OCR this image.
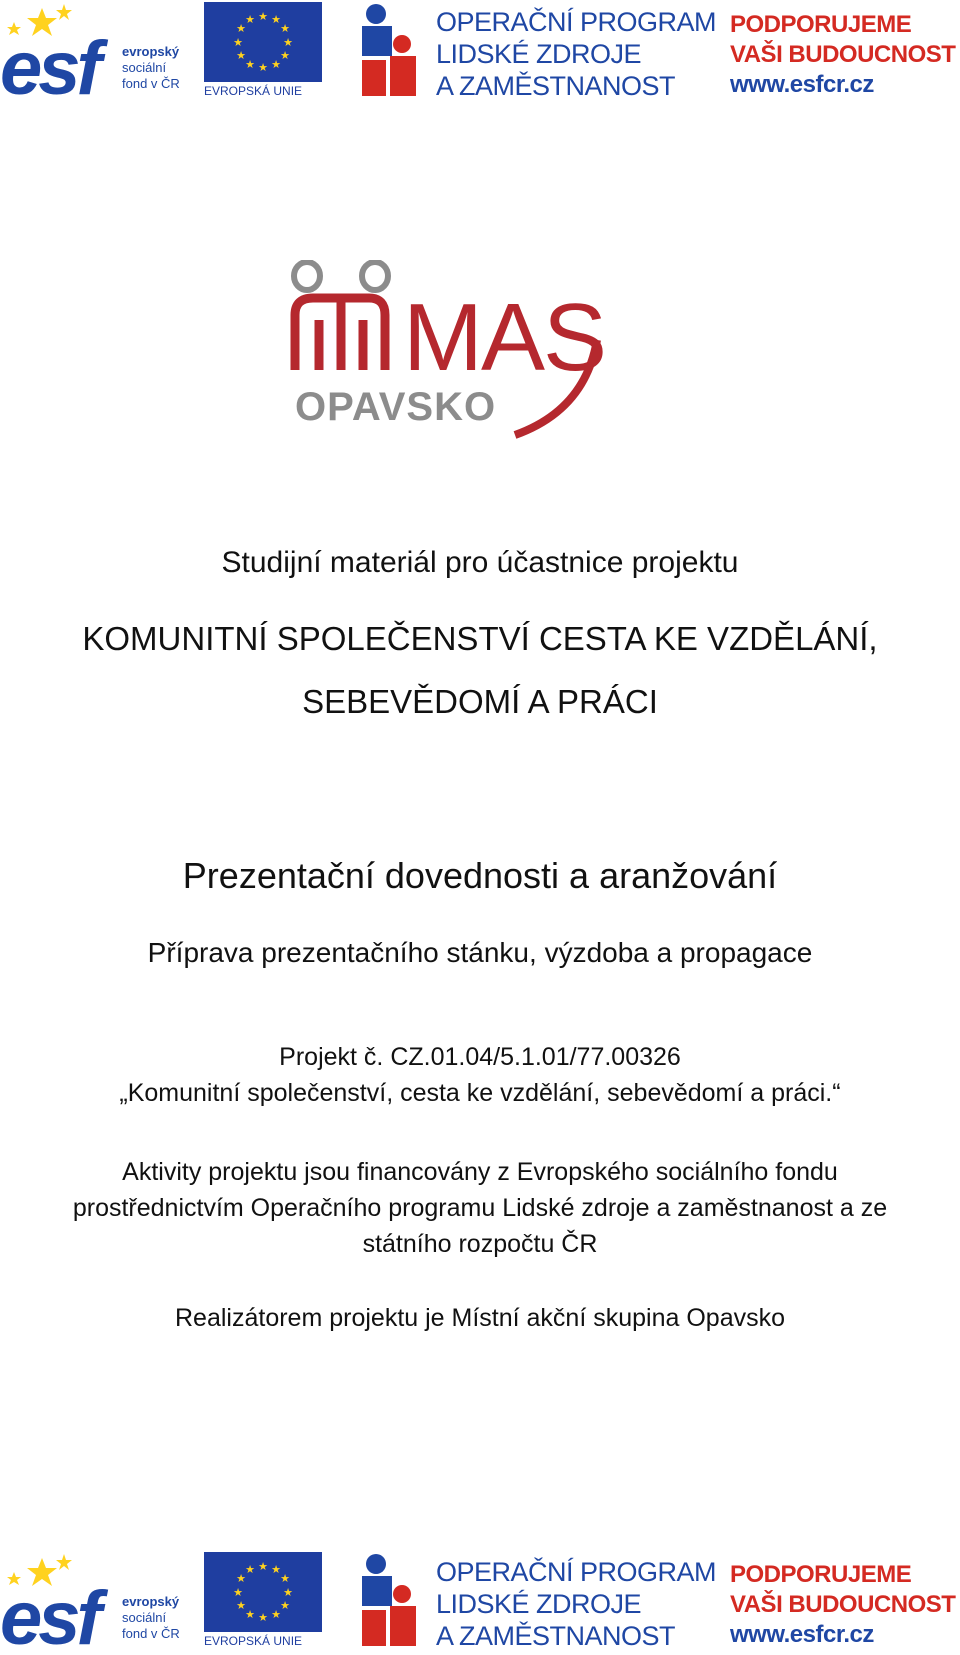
esf	evropský
sociální
fond v ČR
★ ★
★
★
★
★
★
★
★
★
★
★
EVROPSKÁ UNIE
OPERAČNÍ PROGRAM
LIDSKÉ ZDROJE
A ZAMĚSTNANOST
PODPORUJEME
VAŠI BUDOUCNOST
www.esfcr.cz
MAS
OPAVSKO
Studijní materiál pro účastnice projektu
KOMUNITNÍ SPOLEČENSTVÍ CESTA KE VZDĚLÁNÍ,
SEBEVĚDOMÍ A PRÁCI
Prezentační dovednosti a aranžování
Příprava prezentačního stánku, výzdoba a propagace
Projekt č. CZ.01.04/5.1.01/77.00326
„Komunitní společenství, cesta ke vzdělání, sebevědomí a práci.“
Aktivity projektu jsou financovány z Evropského sociálního fondu
prostřednictvím Operačního programu Lidské zdroje a zaměstnanost a ze
státního rozpočtu ČR
Realizátorem projektu je Místní akční skupina Opavsko
esf	evropský
sociální
fond v ČR
★ ★
★
★
★
★
★
★
★
★
★
★
EVROPSKÁ UNIE
OPERAČNÍ PROGRAM
LIDSKÉ ZDROJE
A ZAMĚSTNANOST
PODPORUJEME
VAŠI BUDOUCNOST
www.esfcr.cz
